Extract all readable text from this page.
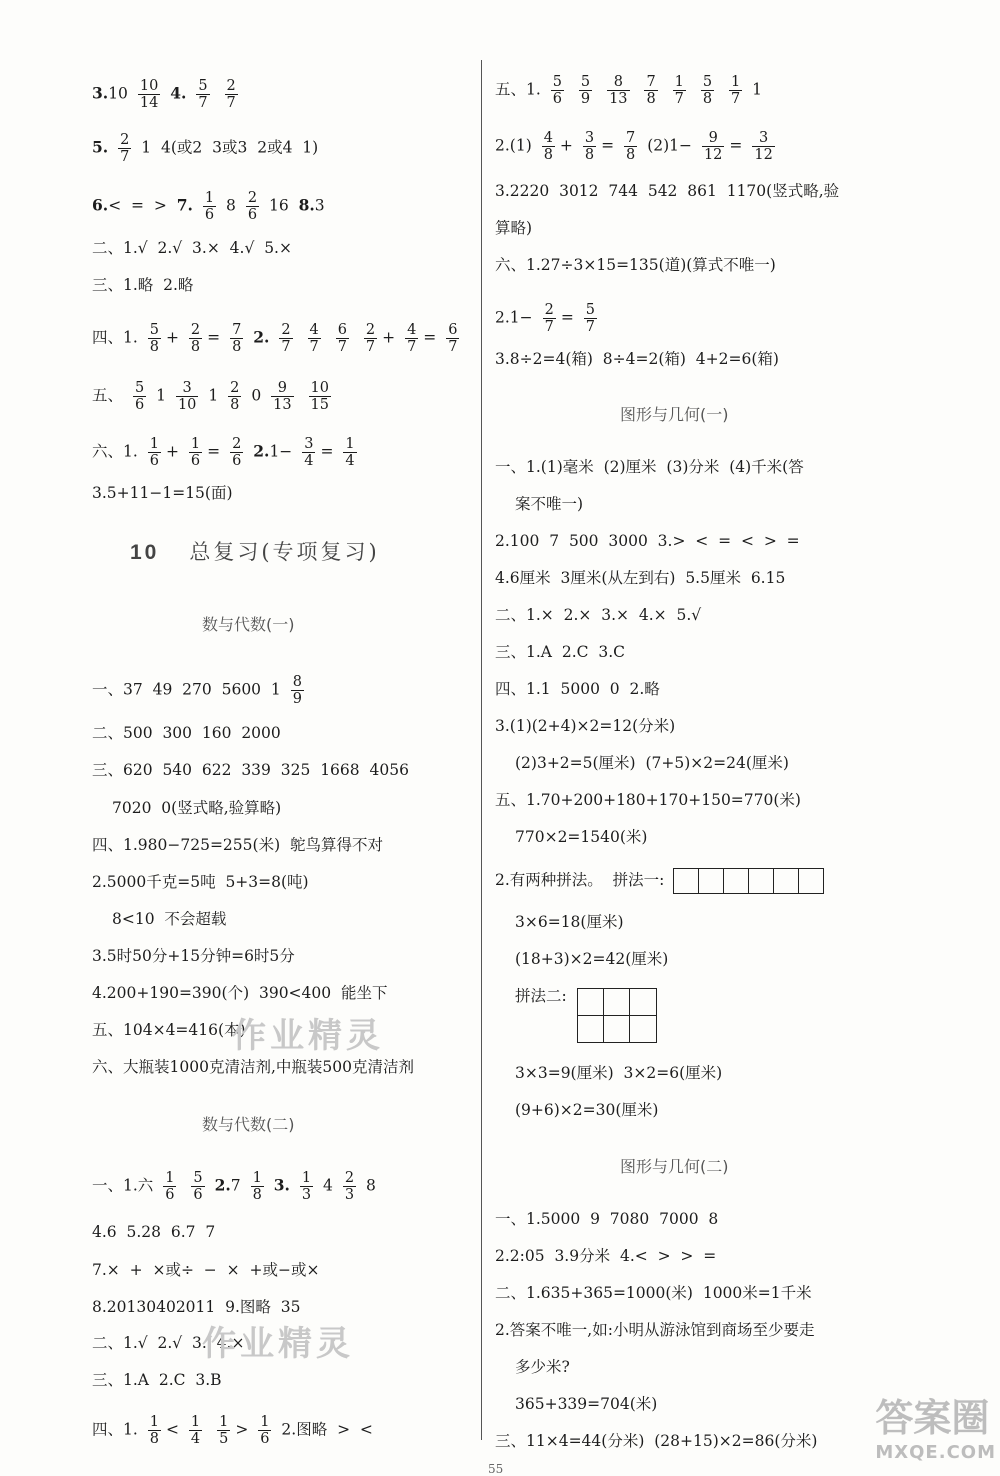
$3.10 \frac{10}{14} 4$. $\frac{5}{7}$
$\frac{2}{7}$
5. $\frac{2}{7} 1$  4(或2  3或3  2或4  1)
6.<  =  >  7. $\frac{1}{6} 8 \frac{2}{6} 16$  8.3
二、1.√  2.√  3.×  4.√  5.×
三、1.略  2.略
四、1. $\frac{5}{8} + \frac{2}{8} = \frac{7}{8} 2$. $\frac{2}{7}$
$\frac{4}{7}$
$\frac{6}{7}$
$\frac{2}{7} + \frac{4}{7} = \frac{6}{7}$
五、 $\frac{5}{6} 1 \frac{3}{10} 1 \frac{2}{8} 0 \frac{9}{13}$
$\frac{10}{15}$
六、1. $\frac{1}{6} + \frac{1}{6} = \frac{2}{6} 2.1- \frac{3}{4} = \frac{1}{4}$
3.5+11−1=15(面)
10 总复习(专项复习)
数与代数(一)
一、37  49  270  5600  $1 \frac{8}{9}$
二、500  300  160  2000
三、620  540  622  339  325  1668  4056
7020  0(竖式略,验算略)
四、1.980−725=255(米)  鸵鸟算得不对
2.5000千克=5吨  5+3=8(吨)
8<10  不会超载
3.5时50分+15分钟=6时5分
4.200+190=390(个)  390<400  能坐下
五、104×4=416(本)
作业精灵
六、大瓶装1000克清洁剂,中瓶装500克清洁剂
数与代数(二)
一、1.六 $\frac{1}{6}$
$\frac{5}{6} 2.7 \frac{1}{8} 3$. $\frac{1}{3} 4 \frac{2}{3} 8$
4.6  5.28  6.7  7
7.×  +  ×或÷  −  ×  +或−或×
8.20130402011  9.图略  35
二、1.√  2.√  3.  4.×
作业精灵
三、1.A  2.C  3.B
四、1. $\frac{1}{8} < \frac{1}{4}$
$\frac{1}{5} > \frac{1}{6} 2$.图略  >  <
五、1. $\frac{5}{6}$
$\frac{5}{9}$
$\frac{8}{13}$
$\frac{7}{8}$
$\frac{1}{7}$
$\frac{5}{8}$
$\frac{1}{7} 1$
$2.(1) \frac{4}{8} + \frac{3}{8} = \frac{7}{8} (2)1- \frac{9}{12} = \frac{3}{12}$
3.2220  3012  744  542  861  1170(竖式略,验
算略)
六、1.27÷3×15=135(道)(算式不唯一)
$2.1- \frac{2}{7} = \frac{5}{7}$
3.8÷2=4(箱)  8÷4=2(箱)  4+2=6(箱)
图形与几何(一)
一、1.(1)毫米  (2)厘米  (3)分米  (4)千米(答
案不唯一)
2.100  7  500  3000  3.>  <  =  <  >  =
4.6厘米  3厘米(从左到右)  5.5厘米  6.15
二、1.×  2.×  3.×  4.×  5.√
三、1.A  2.C  3.C
四、1.1  5000  0  2.略
3.(1)(2+4)×2=12(分米)
(2)3+2=5(厘米)  (7+5)×2=24(厘米)
五、1.70+200+180+170+150=770(米)
770×2=1540(米)
2.有两种拼法。  拼法一:
3×6=18(厘米)
(18+3)×2=42(厘米)
拼法二:
3×3=9(厘米)  3×2=6(厘米)
(9+6)×2=30(厘米)
图形与几何(二)
一、1.5000  9  7080  7000  8
2.2:05  3.9分米  4.<  >  >  =
二、1.635+365=1000(米)  1000米=1千米
2.答案不唯一,如:小明从游泳馆到商场至少要走
多少米?
365+339=704(米)
三、11×4=44(分米)  (28+15)×2=86(分米)
答案圈
MXQE.COM
55
